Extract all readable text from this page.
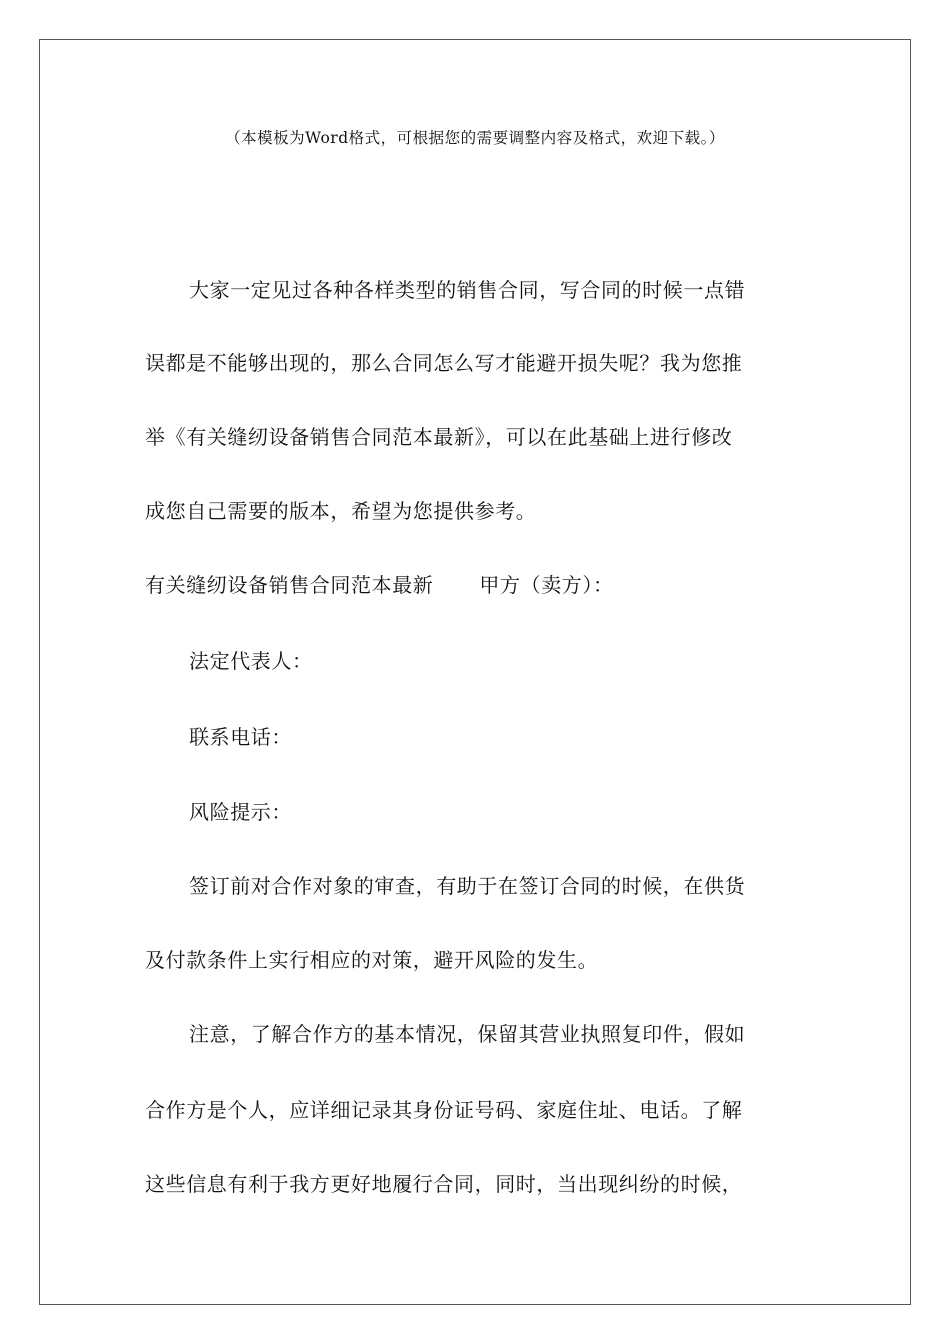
（本模板为Word格式，可根据您的需要调整内容及格式，欢迎下载。）
大家一定见过各种各样类型的销售合同，写合同的时候一点错
误都是不能够出现的，那么合同怎么写才能避开损失呢？我为您推
举《有关缝纫设备销售合同范本最新》，可以在此基础上进行修改
成您自己需要的版本，希望为您提供参考。
有关缝纫设备销售合同范本最新 甲方（卖方）：
法定代表人：
联系电话：
风险提示：
签订前对合作对象的审查，有助于在签订合同的时候，在供货
及付款条件上实行相应的对策，避开风险的发生。
注意，了解合作方的基本情况，保留其营业执照复印件，假如
合作方是个人，应详细记录其身份证号码、家庭住址、电话。了解
这些信息有利于我方更好地履行合同，同时，当出现纠纷的时候，
